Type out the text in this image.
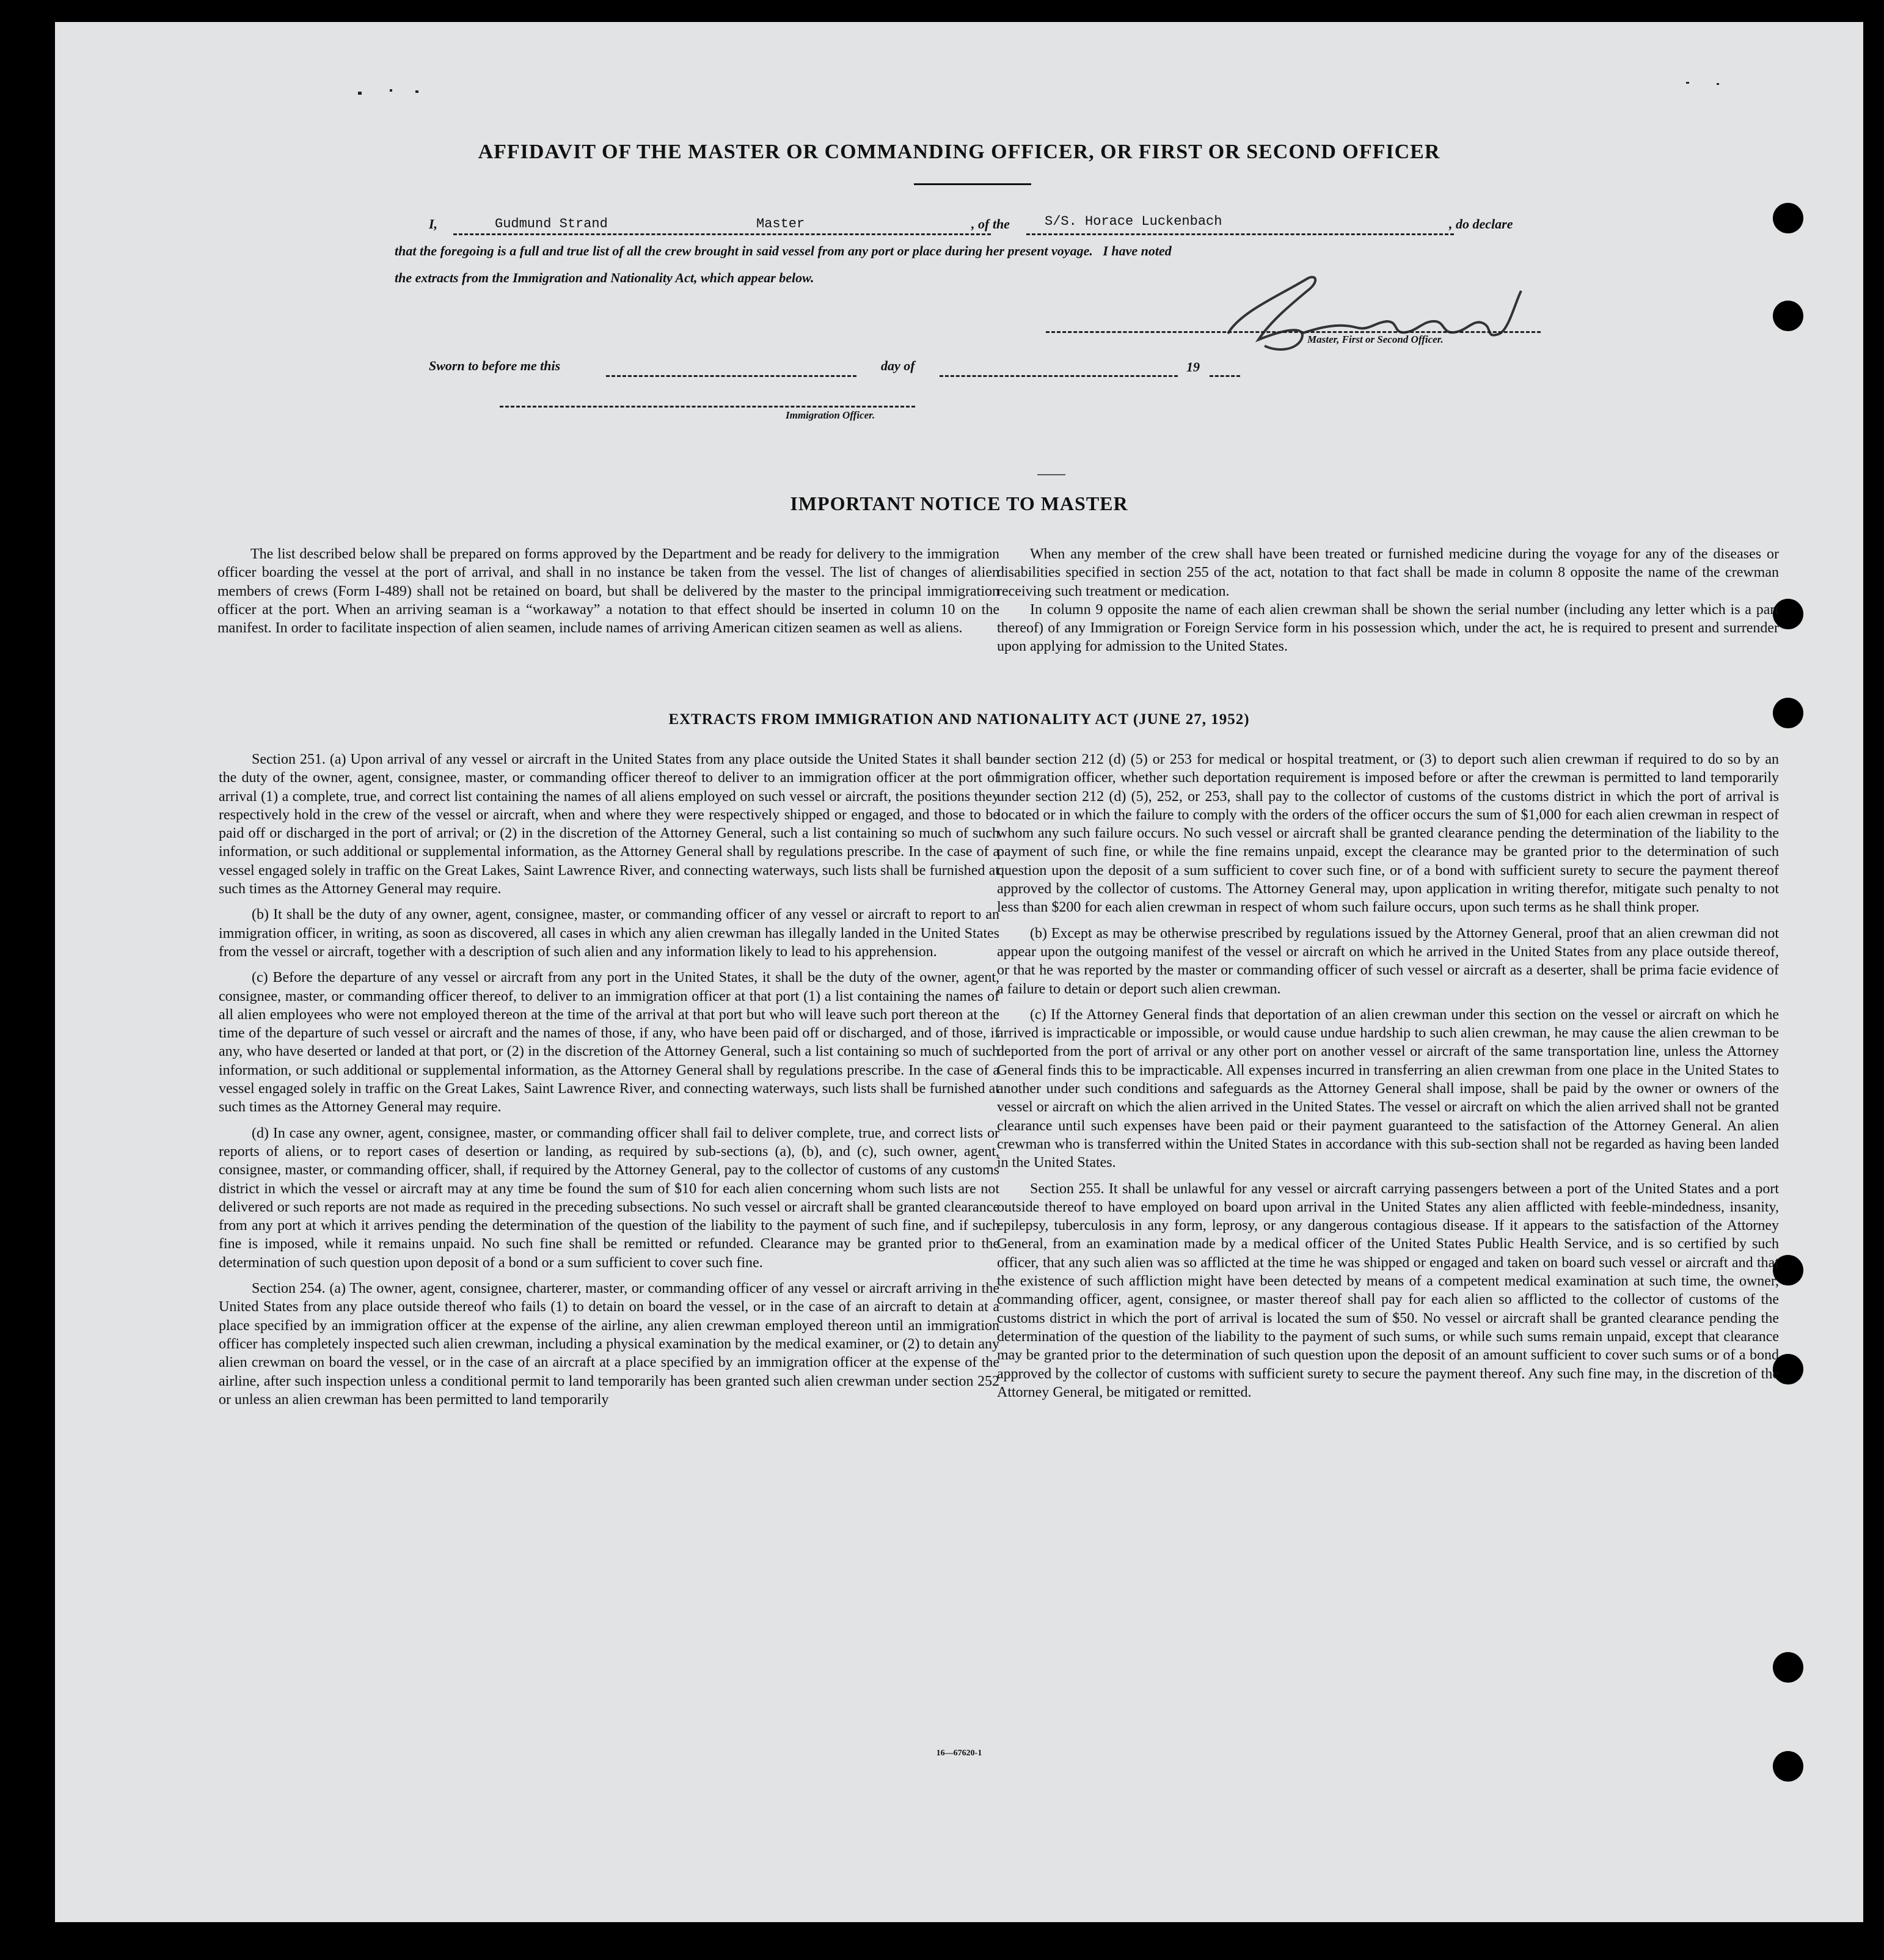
AFFIDAVIT OF THE MASTER OR COMMANDING OFFICER, OR FIRST OR SECOND OFFICER
I,	Gudmund Strand	Master	, of the	S/S. Horace Luckenbach	, do declare
that the foregoing is a full and true list of all the crew brought in said vessel from any port or place during her present voyage.   I have noted
the extracts from the Immigration and Nationality Act, which appear below.
Master, First or Second Officer.
Sworn to before me this	day of	19
Immigration Officer.
IMPORTANT NOTICE TO MASTER

The list described below shall be prepared on forms approved by the Department and be ready for delivery to the immigration officer boarding the vessel at the port of arrival, and shall in no instance be taken from the vessel. The list of changes of alien members of crews (Form I-489) shall not be retained on board, but shall be delivered by the master to the principal immigration officer at the port. When an arriving seaman is a “workaway” a notation to that effect should be inserted in column 10 on the manifest. In order to facilitate inspection of alien seamen, include names of arriving American citizen seamen as well as aliens.

When any member of the crew shall have been treated or furnished medicine during the voyage for any of the diseases or disabilities specified in section 255 of the act, notation to that fact shall be made in column 8 opposite the name of the crewman receiving such treatment or medication.

In column 9 opposite the name of each alien crewman shall be shown the serial number (including any letter which is a part thereof) of any Immigration or Foreign Service form in his possession which, under the act, he is required to present and surrender upon applying for admission to the United States.

EXTRACTS FROM IMMIGRATION AND NATIONALITY ACT (JUNE 27, 1952)

Section 251. (a) Upon arrival of any vessel or aircraft in the United States from any place outside the United States it shall be the duty of the owner, agent, consignee, master, or commanding officer thereof to deliver to an immigration officer at the port of arrival (1) a complete, true, and correct list containing the names of all aliens employed on such vessel or aircraft, the positions they respectively hold in the crew of the vessel or aircraft, when and where they were respectively shipped or engaged, and those to be paid off or discharged in the port of arrival; or (2) in the discretion of the Attorney General, such a list containing so much of such information, or such additional or supplemental information, as the Attorney General shall by regulations prescribe. In the case of a vessel engaged solely in traffic on the Great Lakes, Saint Lawrence River, and connecting waterways, such lists shall be furnished at such times as the Attorney General may require.

(b) It shall be the duty of any owner, agent, consignee, master, or commanding officer of any vessel or aircraft to report to an immigration officer, in writing, as soon as discovered, all cases in which any alien crewman has illegally landed in the United States from the vessel or aircraft, together with a description of such alien and any information likely to lead to his apprehension.

(c) Before the departure of any vessel or aircraft from any port in the United States, it shall be the duty of the owner, agent, consignee, master, or commanding officer thereof, to deliver to an immigration officer at that port (1) a list containing the names of all alien employees who were not employed thereon at the time of the arrival at that port but who will leave such port thereon at the time of the departure of such vessel or aircraft and the names of those, if any, who have been paid off or discharged, and of those, if any, who have deserted or landed at that port, or (2) in the discretion of the Attorney General, such a list containing so much of such information, or such additional or supplemental information, as the Attorney General shall by regulations prescribe. In the case of a vessel engaged solely in traffic on the Great Lakes, Saint Lawrence River, and connecting waterways, such lists shall be furnished at such times as the Attorney General may require.

(d) In case any owner, agent, consignee, master, or commanding officer shall fail to deliver complete, true, and correct lists or reports of aliens, or to report cases of desertion or landing, as required by sub-sections (a), (b), and (c), such owner, agent, consignee, master, or commanding officer, shall, if required by the Attorney General, pay to the collector of customs of any customs district in which the vessel or aircraft may at any time be found the sum of $10 for each alien concerning whom such lists are not delivered or such reports are not made as required in the preceding subsections. No such vessel or aircraft shall be granted clearance from any port at which it arrives pending the determination of the question of the liability to the payment of such fine, and if such fine is imposed, while it remains unpaid. No such fine shall be remitted or refunded. Clearance may be granted prior to the determination of such question upon deposit of a bond or a sum sufficient to cover such fine.

Section 254. (a) The owner, agent, consignee, charterer, master, or commanding officer of any vessel or aircraft arriving in the United States from any place outside thereof who fails (1) to detain on board the vessel, or in the case of an aircraft to detain at a place specified by an immigration officer at the expense of the airline, any alien crewman employed thereon until an immigration officer has completely inspected such alien crewman, including a physical examination by the medical examiner, or (2) to detain any alien crewman on board the vessel, or in the case of an aircraft at a place specified by an immigration officer at the expense of the airline, after such inspection unless a conditional permit to land temporarily has been granted such alien crewman under section 252 or unless an alien crewman has been permitted to land temporarily

under section 212 (d) (5) or 253 for medical or hospital treatment, or (3) to deport such alien crewman if required to do so by an immigration officer, whether such deportation requirement is imposed before or after the crewman is permitted to land temporarily under section 212 (d) (5), 252, or 253, shall pay to the collector of customs of the customs district in which the port of arrival is located or in which the failure to comply with the orders of the officer occurs the sum of $1,000 for each alien crewman in respect of whom any such failure occurs. No such vessel or aircraft shall be granted clearance pending the determination of the liability to the payment of such fine, or while the fine remains unpaid, except the clearance may be granted prior to the determination of such question upon the deposit of a sum sufficient to cover such fine, or of a bond with sufficient surety to secure the payment thereof approved by the collector of customs. The Attorney General may, upon application in writing therefor, mitigate such penalty to not less than $200 for each alien crewman in respect of whom such failure occurs, upon such terms as he shall think proper.

(b) Except as may be otherwise prescribed by regulations issued by the Attorney General, proof that an alien crewman did not appear upon the outgoing manifest of the vessel or aircraft on which he arrived in the United States from any place outside thereof, or that he was reported by the master or commanding officer of such vessel or aircraft as a deserter, shall be prima facie evidence of a failure to detain or deport such alien crewman.

(c) If the Attorney General finds that deportation of an alien crewman under this section on the vessel or aircraft on which he arrived is impracticable or impossible, or would cause undue hardship to such alien crewman, he may cause the alien crewman to be deported from the port of arrival or any other port on another vessel or aircraft of the same transportation line, unless the Attorney General finds this to be impracticable. All expenses incurred in transferring an alien crewman from one place in the United States to another under such conditions and safeguards as the Attorney General shall impose, shall be paid by the owner or owners of the vessel or aircraft on which the alien arrived in the United States. The vessel or aircraft on which the alien arrived shall not be granted clearance until such expenses have been paid or their payment guaranteed to the satisfaction of the Attorney General. An alien crewman who is transferred within the United States in accordance with this sub-section shall not be regarded as having been landed in the United States.

Section 255. It shall be unlawful for any vessel or aircraft carrying passengers between a port of the United States and a port outside thereof to have employed on board upon arrival in the United States any alien afflicted with feeble-mindedness, insanity, epilepsy, tuberculosis in any form, leprosy, or any dangerous contagious disease. If it appears to the satisfaction of the Attorney General, from an examination made by a medical officer of the United States Public Health Service, and is so certified by such officer, that any such alien was so afflicted at the time he was shipped or engaged and taken on board such vessel or aircraft and that the existence of such affliction might have been detected by means of a competent medical examination at such time, the owner, commanding officer, agent, consignee, or master thereof shall pay for each alien so afflicted to the collector of customs of the customs district in which the port of arrival is located the sum of $50. No vessel or aircraft shall be granted clearance pending the determination of the question of the liability to the payment of such sums, or while such sums remain unpaid, except that clearance may be granted prior to the determination of such question upon the deposit of an amount sufficient to cover such sums or of a bond approved by the collector of customs with sufficient surety to secure the payment thereof. Any such fine may, in the discretion of the Attorney General, be mitigated or remitted.

16—67620-1
